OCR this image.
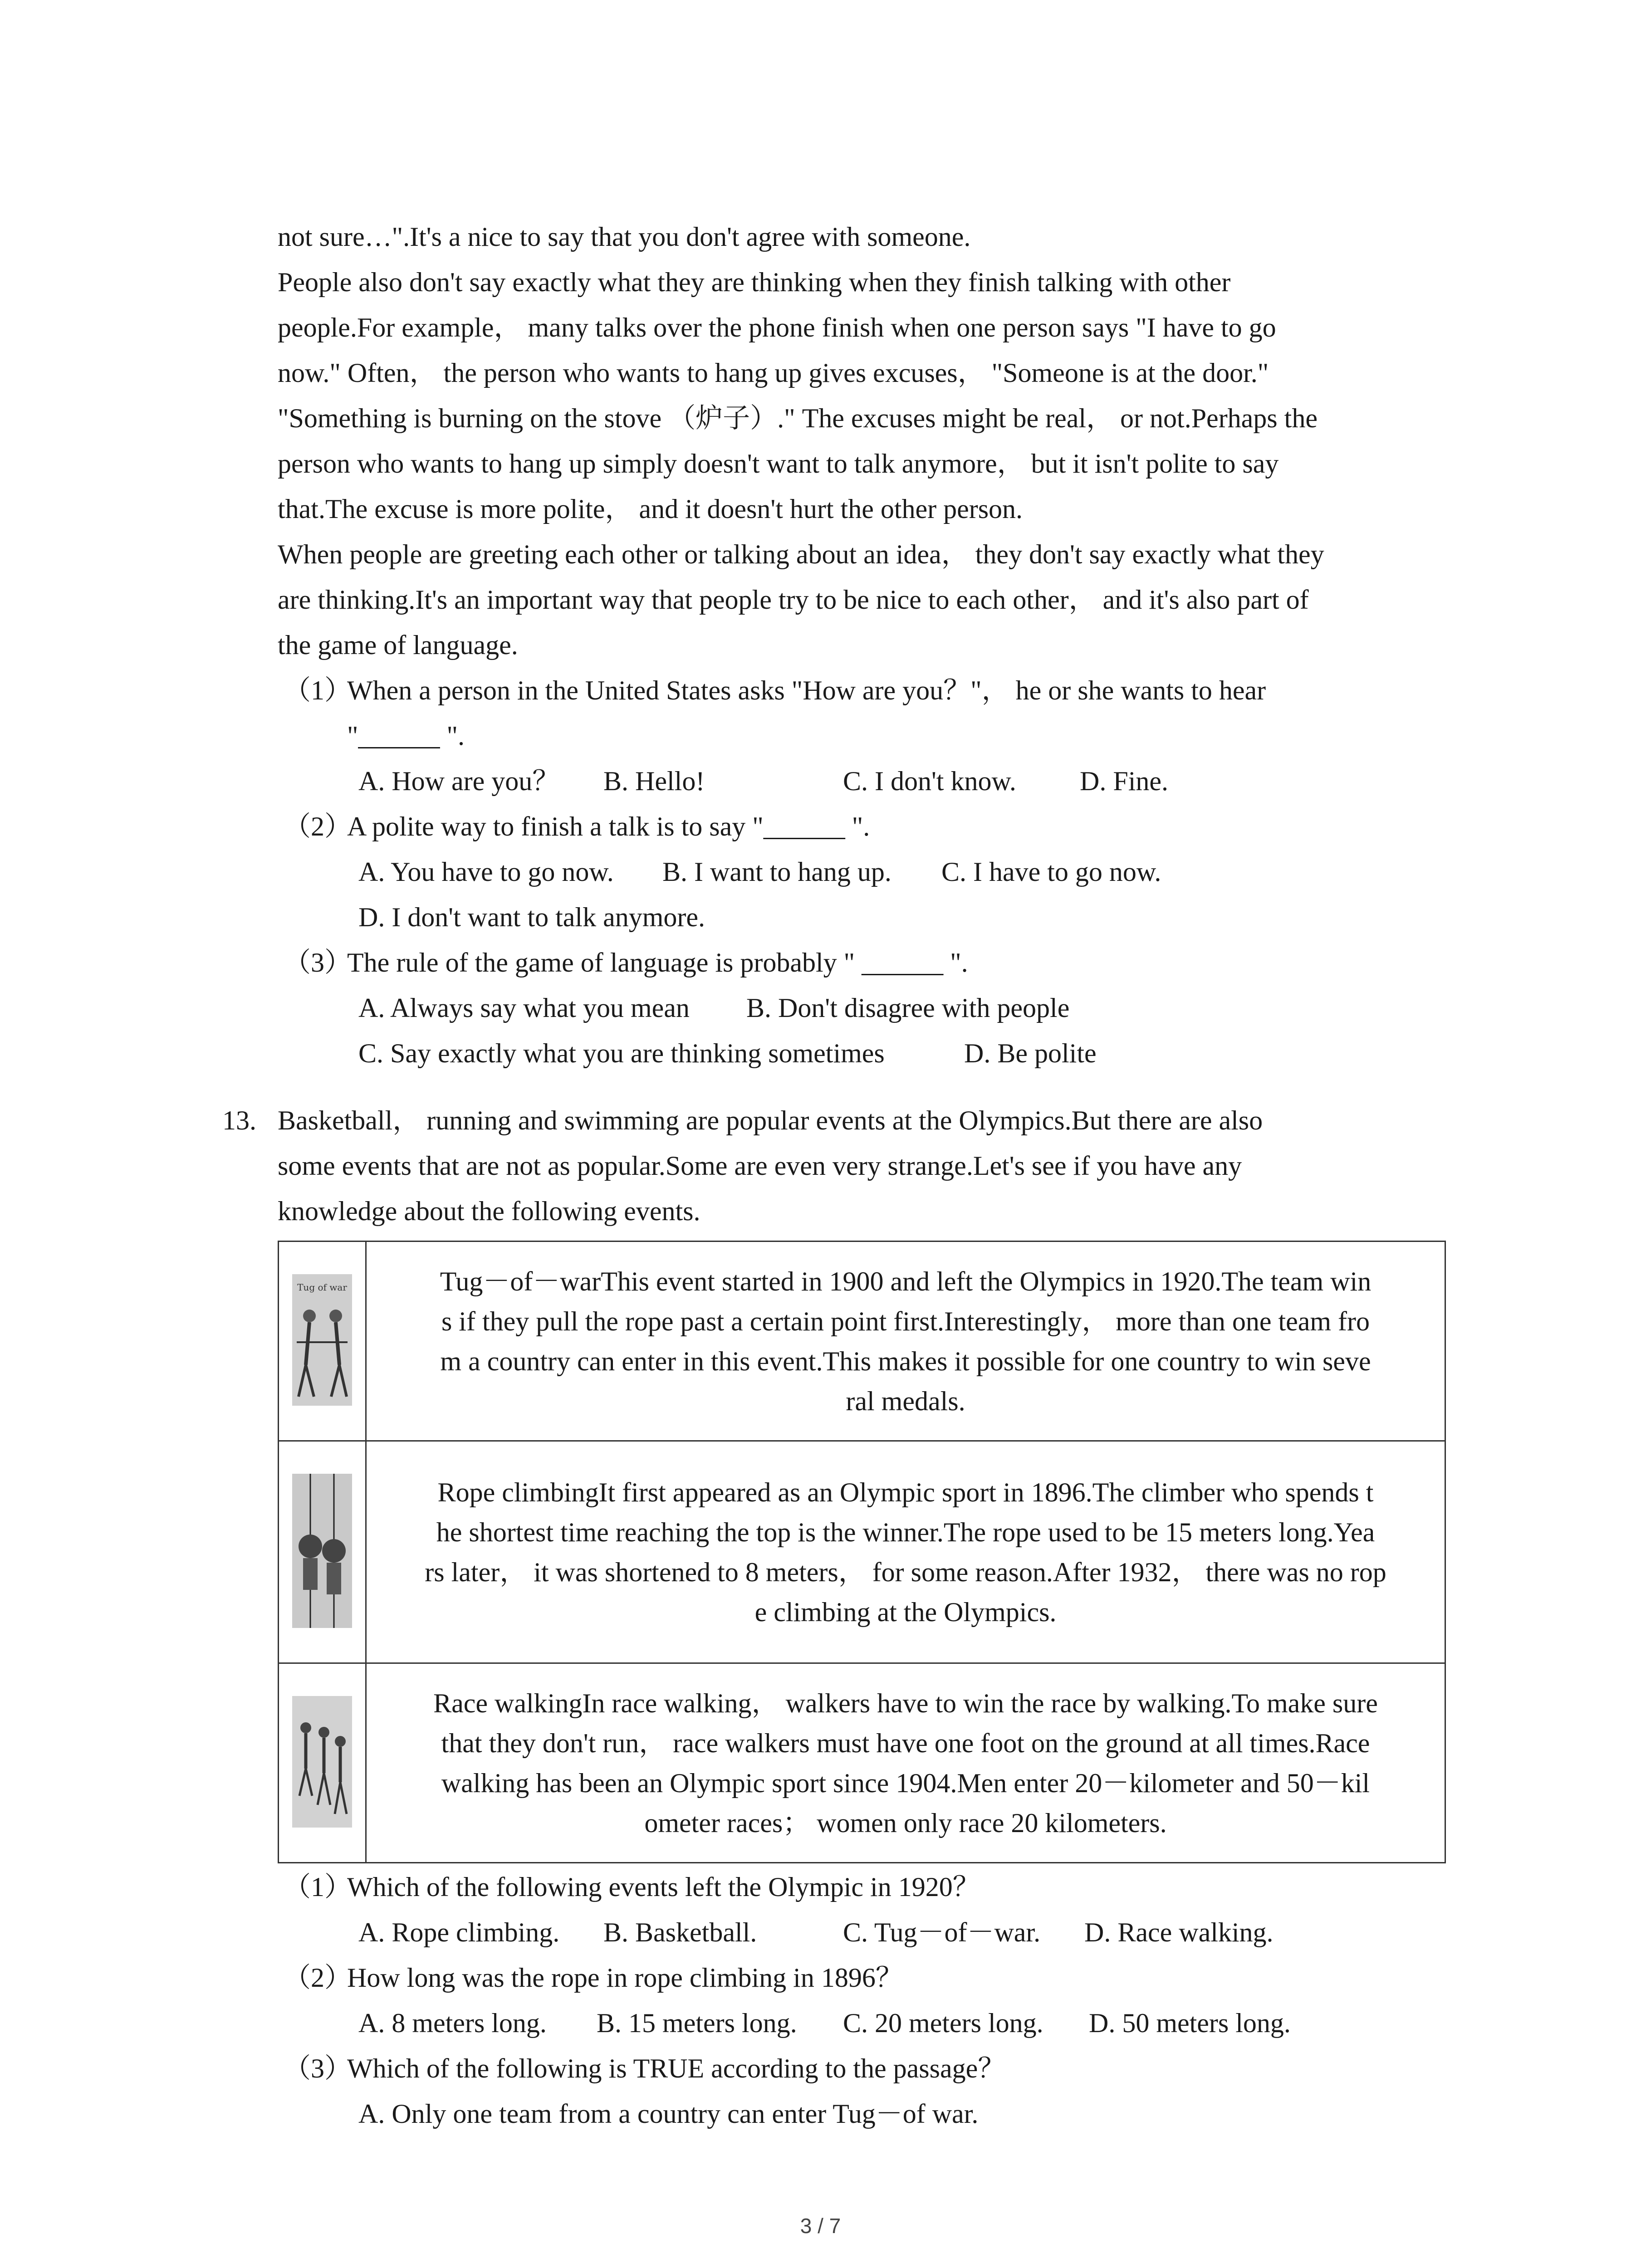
not sure…".It's a nice to say that you don't agree with someone.
People also don't say exactly what they are thinking when they finish talking with other
people.For example， many talks over the phone finish when one person says "I have to go
now." Often， the person who wants to hang up gives excuses， "Someone is at the door."
"Something is burning on the stove （炉子）." The excuses might be real， or not.Perhaps the
person who wants to hang up simply doesn't want to talk anymore， but it isn't polite to say
that.The excuse is more polite， and it doesn't hurt the other person.
When people are greeting each other or talking about an idea， they don't say exactly what they
are thinking.It's an important way that people try to be nice to each other， and it's also part of
the game of language.
（1）
When a person in the United States asks "How are you？"， he or she wants to hear
"______ ".
A. How are you？ B. Hello!	C. I don't know. D. Fine.
（2）
A polite way to finish a talk is to say "______ ".
A. You have to go now. B. I want to hang up. C. I have to go now.
D. I don't want to talk anymore.
（3）
The rule of the game of language is probably " ______ ".
A. Always say what you mean B. Don't disagree with people
C. Say exactly what you are thinking sometimes	D. Be polite
13. Basketball， running and swimming are popular events at the Olympics.But there are also
some events that are not as popular.Some are even very strange.Let's see if you have any
knowledge about the following events.
Tug of war	Tug－of－warThis event started in 1900 and left the Olympics in 1920.The team win
s if they pull the rope past a certain point first.Interestingly， more than one team fro
m a country can enter in this event.This makes it possible for one country to win seve
ral medals.

Rope climbingIt first appeared as an Olympic sport in 1896.The climber who spends t
he shortest time reaching the top is the winner.The rope used to be 15 meters long.Yea
rs later， it was shortened to 8 meters， for some reason.After 1932， there was no rop
e climbing at the Olympics.

Race walkingIn race walking， walkers have to win the race by walking.To make sure
that they don't run， race walkers must have one foot on the ground at all times.Race
walking has been an Olympic sport since 1904.Men enter 20－kilometer and 50－kil
ometer races； women only race 20 kilometers.
（1）
Which of the following events left the Olympic in 1920？
A. Rope climbing. B. Basketball.	C. Tug－of－war. D. Race walking.
（2）
How long was the rope in rope climbing in 1896？
A. 8 meters long. B. 15 meters long. C. 20 meters long. D. 50 meters long.
（3）
Which of the following is TRUE according to the passage？
A. Only one team from a country can enter Tug－of war.
3 / 7
